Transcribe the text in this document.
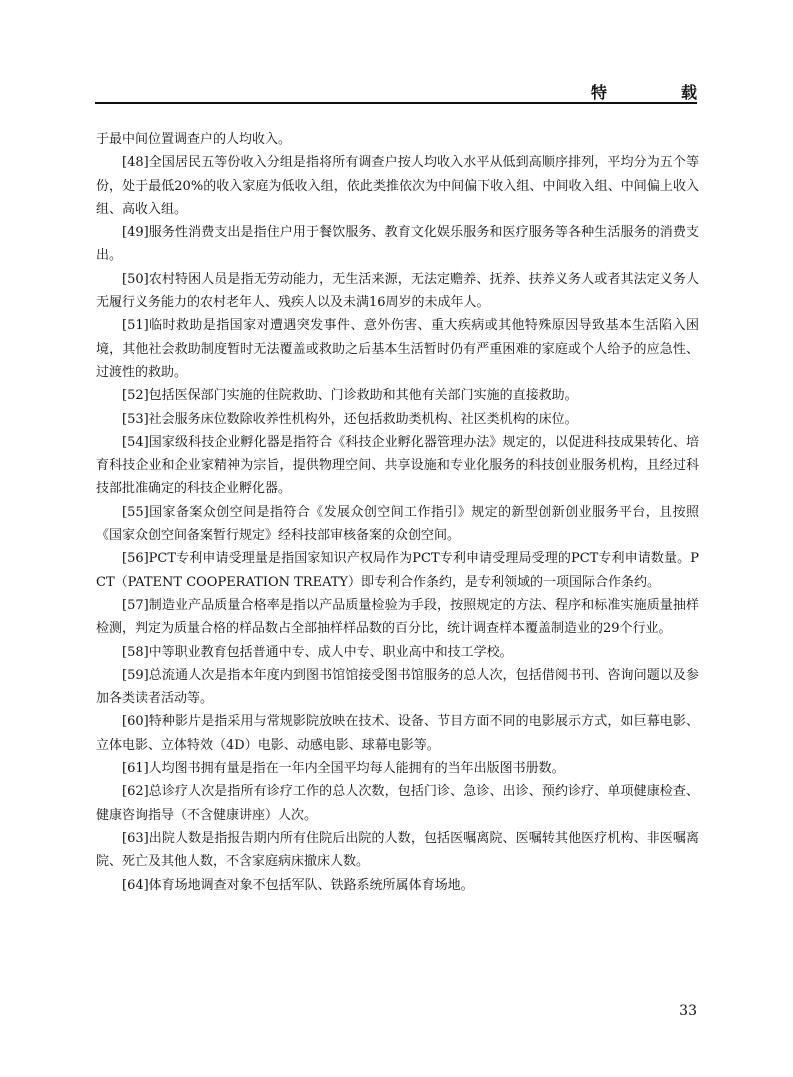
特　　载

于最中间位置调查户的人均收入。

[48]全国居民五等份收入分组是指将所有调查户按人均收入水平从低到高顺序排列，平均分为五个等份，处于最低20%的收入家庭为低收入组，依此类推依次为中间偏下收入组、中间收入组、中间偏上收入组、高收入组。

[49]服务性消费支出是指住户用于餐饮服务、教育文化娱乐服务和医疗服务等各种生活服务的消费支出。

[50]农村特困人员是指无劳动能力，无生活来源，无法定赡养、抚养、扶养义务人或者其法定义务人无履行义务能力的农村老年人、残疾人以及未满16周岁的未成年人。

[51]临时救助是指国家对遭遇突发事件、意外伤害、重大疾病或其他特殊原因导致基本生活陷入困境，其他社会救助制度暂时无法覆盖或救助之后基本生活暂时仍有严重困难的家庭或个人给予的应急性、过渡性的救助。

[52]包括医保部门实施的住院救助、门诊救助和其他有关部门实施的直接救助。

[53]社会服务床位数除收养性机构外，还包括救助类机构、社区类机构的床位。

[54]国家级科技企业孵化器是指符合《科技企业孵化器管理办法》规定的，以促进科技成果转化、培育科技企业和企业家精神为宗旨，提供物理空间、共享设施和专业化服务的科技创业服务机构，且经过科技部批准确定的科技企业孵化器。

[55]国家备案众创空间是指符合《发展众创空间工作指引》规定的新型创新创业服务平台，且按照《国家众创空间备案暂行规定》经科技部审核备案的众创空间。

[56]PCT专利申请受理量是指国家知识产权局作为PCT专利申请受理局受理的PCT专利申请数量。PCT（PATENT COOPERATION TREATY）即专利合作条约，是专利领域的一项国际合作条约。

[57]制造业产品质量合格率是指以产品质量检验为手段，按照规定的方法、程序和标准实施质量抽样检测，判定为质量合格的样品数占全部抽样样品数的百分比，统计调查样本覆盖制造业的29个行业。

[58]中等职业教育包括普通中专、成人中专、职业高中和技工学校。

[59]总流通人次是指本年度内到图书馆馆接受图书馆服务的总人次，包括借阅书刊、咨询问题以及参加各类读者活动等。

[60]特种影片是指采用与常规影院放映在技术、设备、节目方面不同的电影展示方式，如巨幕电影、立体电影、立体特效（4D）电影、动感电影、球幕电影等。

[61]人均图书拥有量是指在一年内全国平均每人能拥有的当年出版图书册数。

[62]总诊疗人次是指所有诊疗工作的总人次数，包括门诊、急诊、出诊、预约诊疗、单项健康检查、健康咨询指导（不含健康讲座）人次。

[63]出院人数是指报告期内所有住院后出院的人数，包括医嘱离院、医嘱转其他医疗机构、非医嘱离院、死亡及其他人数，不含家庭病床撤床人数。

[64]体育场地调查对象不包括军队、铁路系统所属体育场地。

33
